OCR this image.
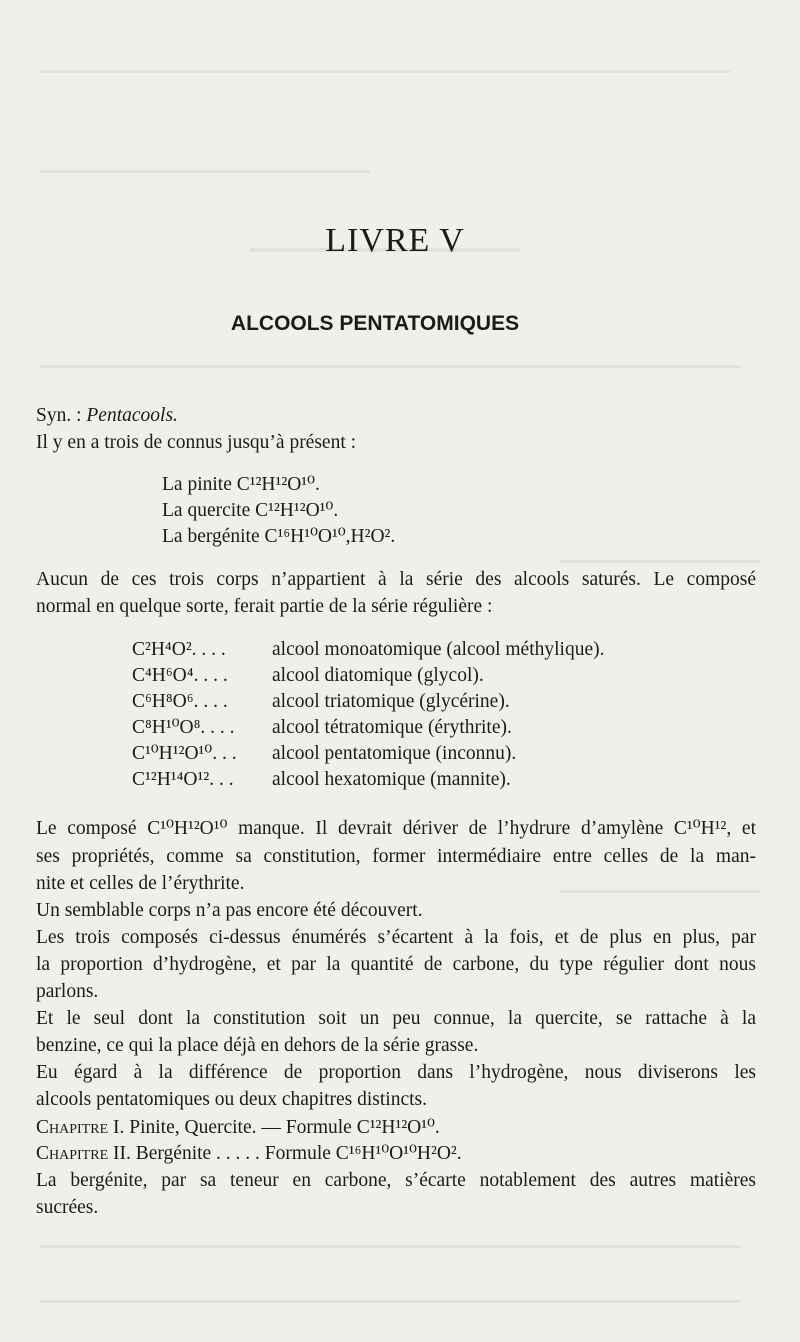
LIVRE V
ALCOOLS PENTATOMIQUES
Syn. : Pentacools.
Il y en a trois de connus jusqu’à présent :
La pinite C¹²H¹²O¹⁰.
La quercite C¹²H¹²O¹⁰.
La bergénite C¹⁶H¹⁰O¹⁰,H²O².
Aucun de ces trois corps n’appartient à la série des alcools saturés. Le composé
normal en quelque sorte, ferait partie de la série régulière :
C²H⁴O². . . . alcool monoatomique (alcool méthylique).
C⁴H⁶O⁴. . . . alcool diatomique (glycol).
C⁶H⁸O⁶. . . . alcool triatomique (glycérine).
C⁸H¹⁰O⁸. . . . alcool tétratomique (érythrite).
C¹⁰H¹²O¹⁰. . . alcool pentatomique (inconnu).
C¹²H¹⁴O¹². . . alcool hexatomique (mannite).
Le composé C¹⁰H¹²O¹⁰ manque. Il devrait dériver de l’hydrure d’amylène C¹⁰H¹², et
ses propriétés, comme sa constitution, former intermédiaire entre celles de la man-
nite et celles de l’érythrite.
Un semblable corps n’a pas encore été découvert.
Les trois composés ci-dessus énumérés s’écartent à la fois, et de plus en plus, par
la proportion d’hydrogène, et par la quantité de carbone, du type régulier dont nous
parlons.
Et le seul dont la constitution soit un peu connue, la quercite, se rattache à la
benzine, ce qui la place déjà en dehors de la série grasse.
Eu égard à la différence de proportion dans l’hydrogène, nous diviserons les
alcools pentatomiques ou deux chapitres distincts.
Chapitre I. Pinite, Quercite. — Formule C¹²H¹²O¹⁰.
Chapitre II. Bergénite . . . . . Formule C¹⁶H¹⁰O¹⁰H²O².
La bergénite, par sa teneur en carbone, s’écarte notablement des autres matières
sucrées.
